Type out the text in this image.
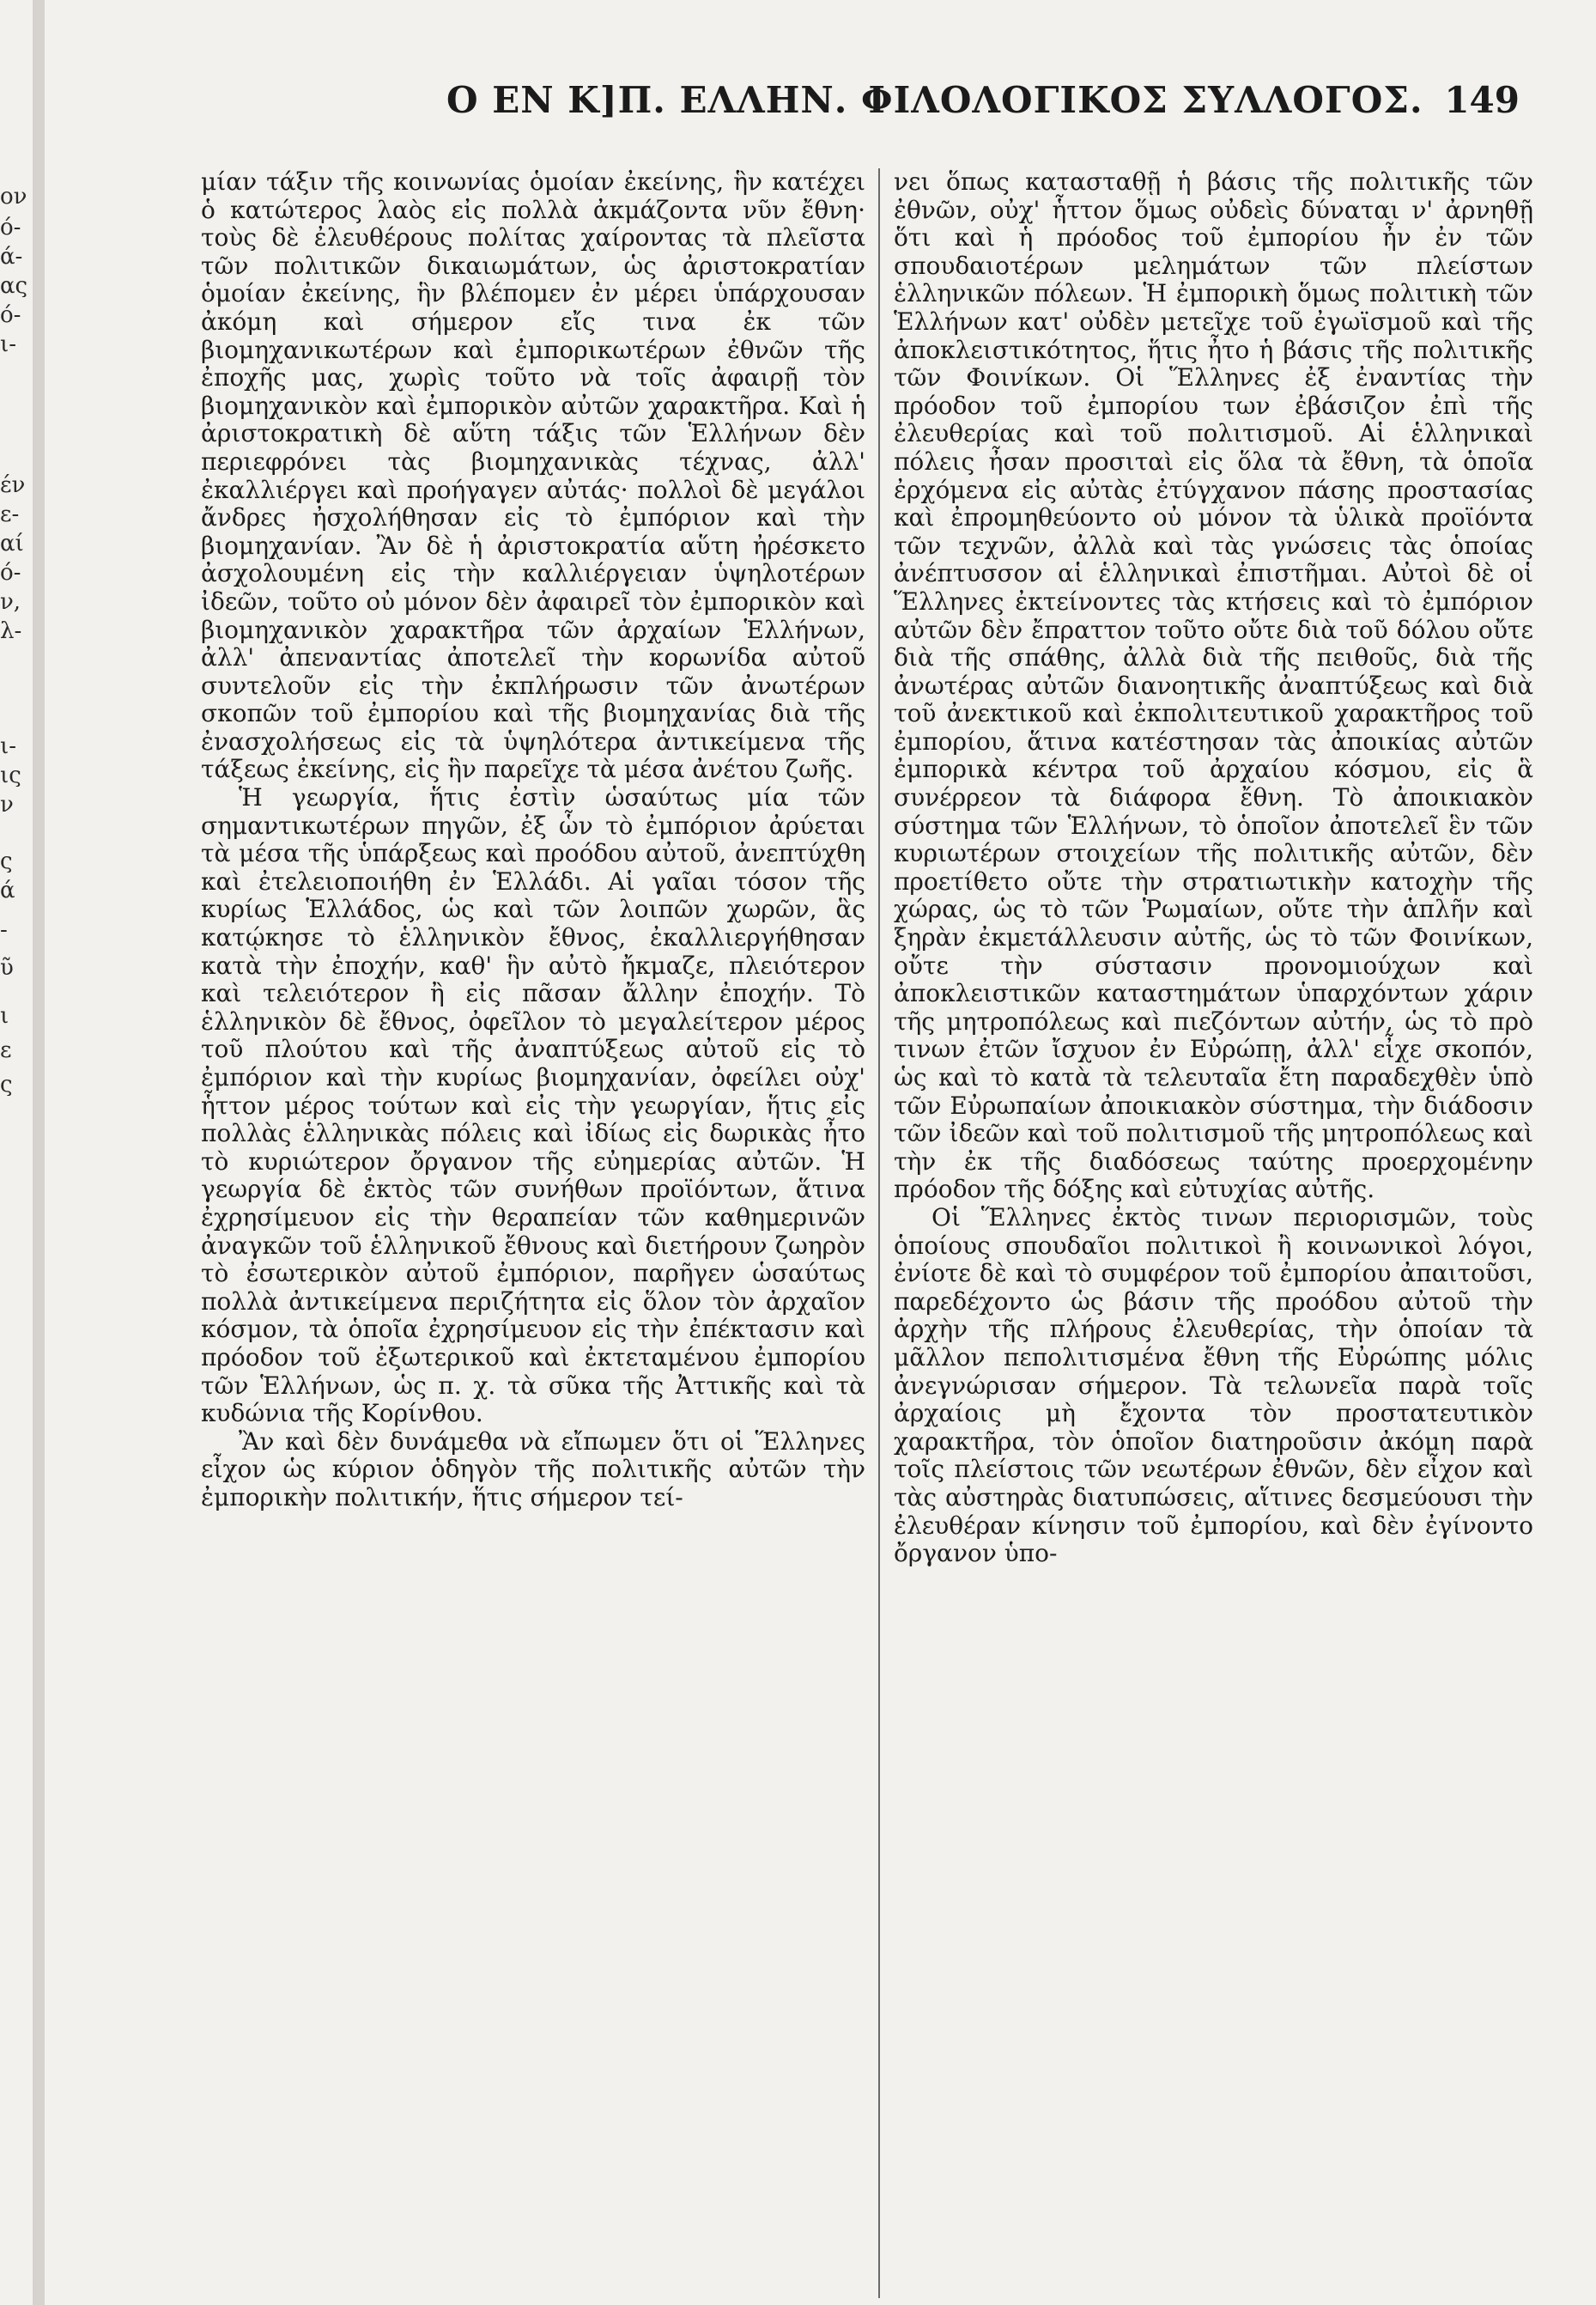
ον
ό-
ά-
ας
ό-
ι-
έν
ε-
αί
ό-
ν,
λ-
ι-
ις
ν
ς
ά
-
ῦ
ι
ε
ς
Ο ΕΝ Κ]Π. ΕΛΛΗΝ. ΦΙΛΟΛΟΓΙΚΟΣ ΣΥΛΛΟΓΟΣ. 149

μίαν τάξιν τῆς κοινωνίας ὁμοίαν ἐκείνης, ἣν κατέχει ὁ κατώτερος λαὸς εἰς πολλὰ ἀκμάζοντα νῦν ἔθνη· τοὺς δὲ ἐλευθέρους πολίτας χαίροντας τὰ πλεῖστα τῶν πολιτικῶν δικαιωμάτων, ὡς ἀριστοκρατίαν ὁμοίαν ἐκείνης, ἣν βλέπομεν ἐν μέρει ὑπάρχουσαν ἀκόμη καὶ σήμερον εἴς τινα ἐκ τῶν βιομηχανικωτέρων καὶ ἐμπορικωτέρων ἐθνῶν τῆς ἐποχῆς μας, χωρὶς τοῦτο νὰ τοῖς ἀφαιρῇ τὸν βιομηχανικὸν καὶ ἐμπορικὸν αὐτῶν χαρακτῆρα. Καὶ ἡ ἀριστοκρατικὴ δὲ αὕτη τάξις τῶν Ἑλλήνων δὲν περιεφρόνει τὰς βιομηχανικὰς τέχνας, ἀλλ' ἐκαλλιέργει καὶ προήγαγεν αὐτάς· πολλοὶ δὲ μεγάλοι ἄνδρες ἠσχολήθησαν εἰς τὸ ἐμπόριον καὶ τὴν βιομηχανίαν. Ἂν δὲ ἡ ἀριστοκρατία αὕτη ἠρέσκετο ἀσχολουμένη εἰς τὴν καλλιέργειαν ὑψηλοτέρων ἰδεῶν, τοῦτο οὐ μόνον δὲν ἀφαιρεῖ τὸν ἐμπορικὸν καὶ βιομηχανικὸν χαρακτῆρα τῶν ἀρχαίων Ἑλλήνων, ἀλλ' ἀπεναντίας ἀποτελεῖ τὴν κορωνίδα αὐτοῦ συντελοῦν εἰς τὴν ἐκπλήρωσιν τῶν ἀνωτέρων σκοπῶν τοῦ ἐμπορίου καὶ τῆς βιομηχανίας διὰ τῆς ἐνασχολήσεως εἰς τὰ ὑψηλότερα ἀντικείμενα τῆς τάξεως ἐκείνης, εἰς ἣν παρεῖχε τὰ μέσα ἀνέτου ζωῆς.

Ἡ γεωργία, ἥτις ἐστὶν ὡσαύτως μία τῶν σημαντικωτέρων πηγῶν, ἐξ ὧν τὸ ἐμπόριον ἀρύεται τὰ μέσα τῆς ὑπάρξεως καὶ προόδου αὐτοῦ, ἀνεπτύχθη καὶ ἐτελειοποιήθη ἐν Ἑλλάδι. Αἱ γαῖαι τόσον τῆς κυρίως Ἑλλάδος, ὡς καὶ τῶν λοιπῶν χωρῶν, ἃς κατῴκησε τὸ ἑλληνικὸν ἔθνος, ἐκαλλιεργήθησαν κατὰ τὴν ἐποχήν, καθ' ἣν αὐτὸ ἤκμαζε, πλειότερον καὶ τελειότερον ἢ εἰς πᾶσαν ἄλλην ἐποχήν. Τὸ ἑλληνικὸν δὲ ἔθνος, ὀφεῖλον τὸ μεγαλείτερον μέρος τοῦ πλούτου καὶ τῆς ἀναπτύξεως αὐτοῦ εἰς τὸ ἐμπόριον καὶ τὴν κυρίως βιομηχανίαν, ὀφείλει οὐχ' ἧττον μέρος τούτων καὶ εἰς τὴν γεωργίαν, ἥτις εἰς πολλὰς ἑλληνικὰς πόλεις καὶ ἰδίως εἰς δωρικὰς ἦτο τὸ κυριώτερον ὄργανον τῆς εὐημερίας αὐτῶν. Ἡ γεωργία δὲ ἐκτὸς τῶν συνήθων προϊόντων, ἅτινα ἐχρησίμευον εἰς τὴν θεραπείαν τῶν καθημερινῶν ἀναγκῶν τοῦ ἑλληνικοῦ ἔθνους καὶ διετήρουν ζωηρὸν τὸ ἐσωτερικὸν αὐτοῦ ἐμπόριον, παρῆγεν ὡσαύτως πολλὰ ἀντικείμενα περιζήτητα εἰς ὅλον τὸν ἀρχαῖον κόσμον, τὰ ὁποῖα ἐχρησίμευον εἰς τὴν ἐπέκτασιν καὶ πρόοδον τοῦ ἐξωτερικοῦ καὶ ἐκτεταμένου ἐμπορίου τῶν Ἑλλήνων, ὡς π. χ. τὰ σῦκα τῆς Ἀττικῆς καὶ τὰ κυδώνια τῆς Κορίνθου.

Ἂν καὶ δὲν δυνάμεθα νὰ εἴπωμεν ὅτι οἱ Ἕλληνες εἶχον ὡς κύριον ὁδηγὸν τῆς πολιτικῆς αὐτῶν τὴν ἐμπορικὴν πολιτικήν, ἥτις σήμερον τεί-

νει ὅπως κατασταθῇ ἡ βάσις τῆς πολιτικῆς τῶν ἐθνῶν, οὐχ' ἧττον ὅμως οὐδεὶς δύναται ν' ἀρνηθῇ ὅτι καὶ ἡ πρόοδος τοῦ ἐμπορίου ἦν ἐν τῶν σπουδαιοτέρων μελημάτων τῶν πλείστων ἑλληνικῶν πόλεων. Ἡ ἐμπορικὴ ὅμως πολιτικὴ τῶν Ἑλλήνων κατ' οὐδὲν μετεῖχε τοῦ ἐγωϊσμοῦ καὶ τῆς ἀποκλειστικότητος, ἥτις ἦτο ἡ βάσις τῆς πολιτικῆς τῶν Φοινίκων. Οἱ Ἕλληνες ἐξ ἐναντίας τὴν πρόοδον τοῦ ἐμπορίου των ἐβάσιζον ἐπὶ τῆς ἐλευθερίας καὶ τοῦ πολιτισμοῦ. Αἱ ἑλληνικαὶ πόλεις ἦσαν προσιταὶ εἰς ὅλα τὰ ἔθνη, τὰ ὁποῖα ἐρχόμενα εἰς αὐτὰς ἐτύγχανον πάσης προστασίας καὶ ἐπρομηθεύοντο οὐ μόνον τὰ ὑλικὰ προϊόντα τῶν τεχνῶν, ἀλλὰ καὶ τὰς γνώσεις τὰς ὁποίας ἀνέπτυσσον αἱ ἑλληνικαὶ ἐπιστῆμαι. Αὐτοὶ δὲ οἱ Ἕλληνες ἐκτείνοντες τὰς κτήσεις καὶ τὸ ἐμπόριον αὐτῶν δὲν ἔπραττον τοῦτο οὔτε διὰ τοῦ δόλου οὔτε διὰ τῆς σπάθης, ἀλλὰ διὰ τῆς πειθοῦς, διὰ τῆς ἀνωτέρας αὐτῶν διανοητικῆς ἀναπτύξεως καὶ διὰ τοῦ ἀνεκτικοῦ καὶ ἐκπολιτευτικοῦ χαρακτῆρος τοῦ ἐμπορίου, ἅτινα κατέστησαν τὰς ἀποικίας αὐτῶν ἐμπορικὰ κέντρα τοῦ ἀρχαίου κόσμου, εἰς ἃ συνέρρεον τὰ διάφορα ἔθνη. Τὸ ἀποικιακὸν σύστημα τῶν Ἑλλήνων, τὸ ὁποῖον ἀποτελεῖ ἓν τῶν κυριωτέρων στοιχείων τῆς πολιτικῆς αὐτῶν, δὲν προετίθετο οὔτε τὴν στρατιωτικὴν κατοχὴν τῆς χώρας, ὡς τὸ τῶν Ῥωμαίων, οὔτε τὴν ἁπλῆν καὶ ξηρὰν ἐκμετάλλευσιν αὐτῆς, ὡς τὸ τῶν Φοινίκων, οὔτε τὴν σύστασιν προνομιούχων καὶ ἀποκλειστικῶν καταστημάτων ὑπαρχόντων χάριν τῆς μητροπόλεως καὶ πιεζόντων αὐτήν, ὡς τὸ πρὸ τινων ἐτῶν ἴσχυον ἐν Εὐρώπῃ, ἀλλ' εἶχε σκοπόν, ὡς καὶ τὸ κατὰ τὰ τελευταῖα ἔτη παραδεχθὲν ὑπὸ τῶν Εὐρωπαίων ἀποικιακὸν σύστημα, τὴν διάδοσιν τῶν ἰδεῶν καὶ τοῦ πολιτισμοῦ τῆς μητροπόλεως καὶ τὴν ἐκ τῆς διαδόσεως ταύτης προερχομένην πρόοδον τῆς δόξης καὶ εὐτυχίας αὐτῆς.

Οἱ Ἕλληνες ἐκτὸς τινων περιορισμῶν, τοὺς ὁποίους σπουδαῖοι πολιτικοὶ ἢ κοινωνικοὶ λόγοι, ἐνίοτε δὲ καὶ τὸ συμφέρον τοῦ ἐμπορίου ἀπαιτοῦσι, παρεδέχοντο ὡς βάσιν τῆς προόδου αὐτοῦ τὴν ἀρχὴν τῆς πλήρους ἐλευθερίας, τὴν ὁποίαν τὰ μᾶλλον πεπολιτισμένα ἔθνη τῆς Εὐρώπης μόλις ἀνεγνώρισαν σήμερον. Τὰ τελωνεῖα παρὰ τοῖς ἀρχαίοις μὴ ἔχοντα τὸν προστατευτικὸν χαρακτῆρα, τὸν ὁποῖον διατηροῦσιν ἀκόμη παρὰ τοῖς πλείστοις τῶν νεωτέρων ἐθνῶν, δὲν εἶχον καὶ τὰς αὐστηρὰς διατυπώσεις, αἵτινες δεσμεύουσι τὴν ἐλευθέραν κίνησιν τοῦ ἐμπορίου, καὶ δὲν ἐγίνοντο ὄργανον ὑπο-
